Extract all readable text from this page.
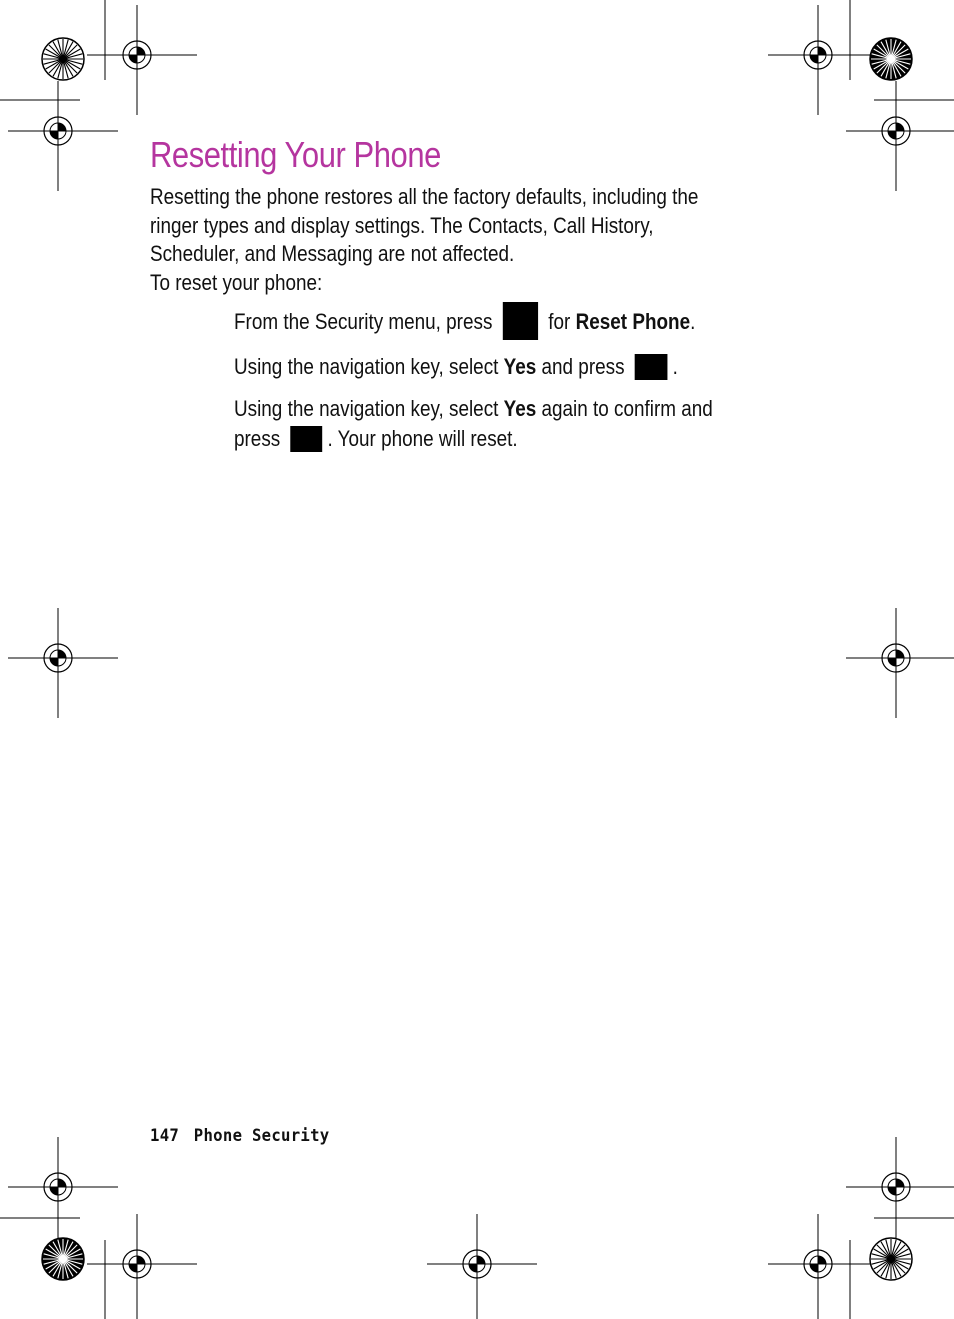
Resetting Your Phone

Resetting the phone restores all the factory defaults, including the

ringer types and display settings. The Contacts, Call History,

Scheduler, and Messaging are not affected.

To reset your phone:

From the Security menu, press for Reset Phone.

Using the navigation key, select Yes and press .

Using the navigation key, select Yes again to confirm and
press . Your phone will reset.

147 Phone Security
